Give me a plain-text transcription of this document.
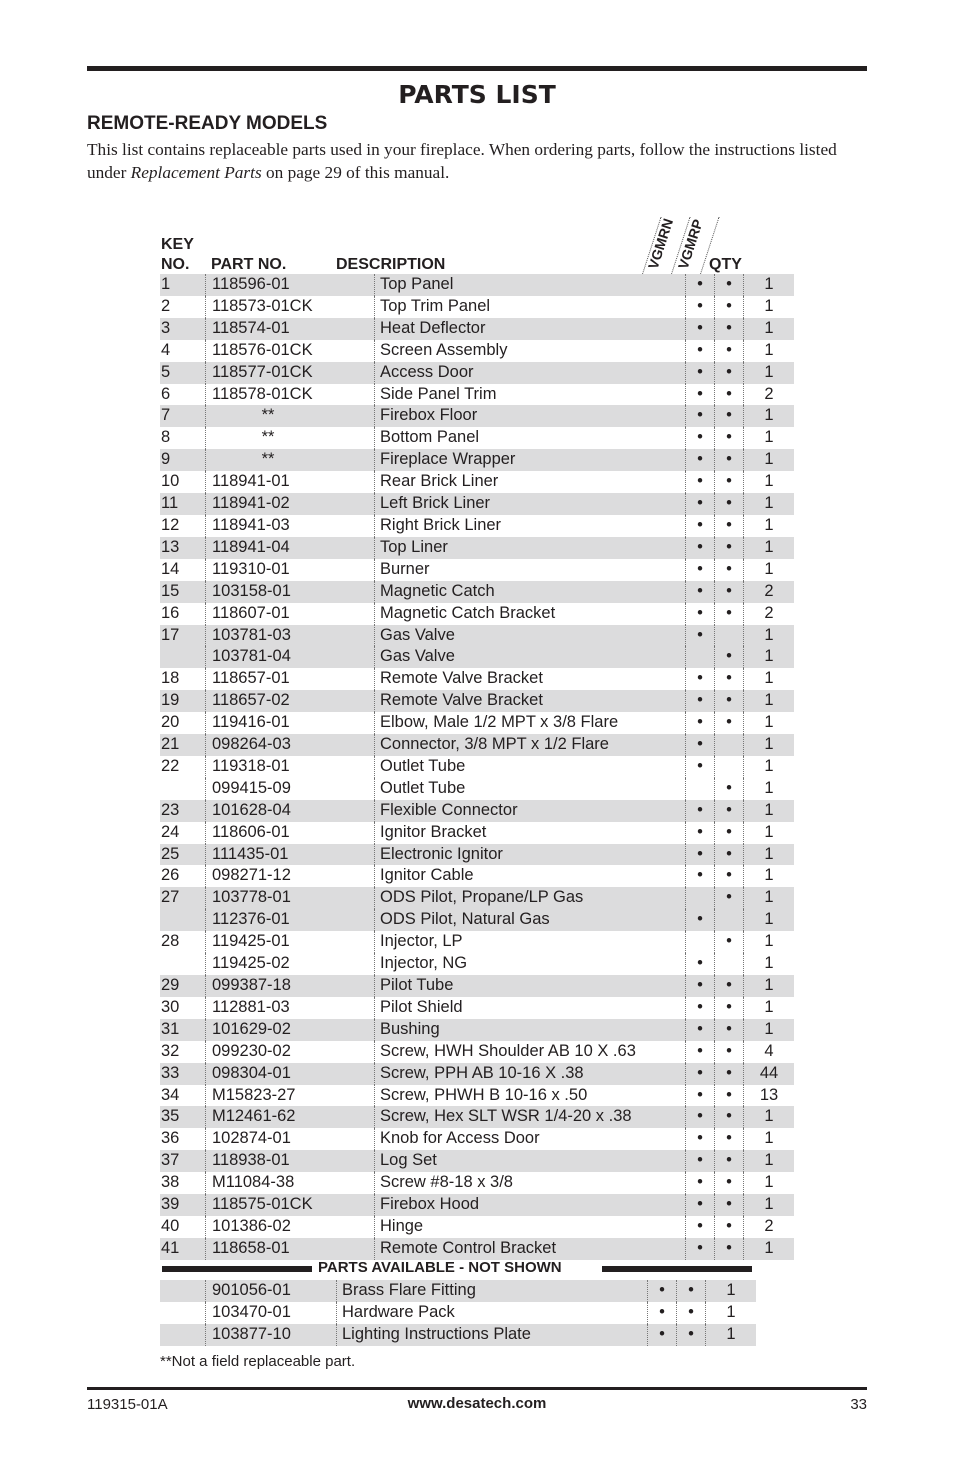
PARTS LIST
REMOTE-READY MODELS

This list contains replaceable parts used in your fireplace. When ordering parts, follow the instructions listed under Replacement Parts on page 29 of this manual.

KEY
NO. PART NO.	DESCRIPTION	VGMRN
VGMRP QTY
1	118596-01	Top Panel	•	•	1
2	118573-01CK	Top Trim Panel	•	•	1
3	118574-01	Heat Deflector	•	•	1
4	118576-01CK	Screen Assembly	•	•	1
5	118577-01CK	Access Door	•	•	1
6	118578-01CK	Side Panel Trim	•	•	2
7	**	Firebox Floor	•	•	1
8	**	Bottom Panel	•	•	1
9	**	Fireplace Wrapper	•	•	1
10	118941-01	Rear Brick Liner	•	•	1
11	118941-02	Left Brick Liner	•	•	1
12	118941-03	Right Brick Liner	•	•	1
13	118941-04	Top Liner	•	•	1
14	119310-01	Burner	•	•	1
15	103158-01	Magnetic Catch	•	•	2
16	118607-01	Magnetic Catch Bracket	•	•	2
17	103781-03	Gas Valve	•		1
	103781-04	Gas Valve		•	1
18	118657-01	Remote Valve Bracket	•	•	1
19	118657-02	Remote Valve Bracket	•	•	1
20	119416-01	Elbow, Male 1/2 MPT x 3/8 Flare	•	•	1
21	098264-03	Connector, 3/8 MPT x 1/2 Flare	•		1
22	119318-01	Outlet Tube	•		1
	099415-09	Outlet Tube		•	1
23	101628-04	Flexible Connector	•	•	1
24	118606-01	Ignitor Bracket	•	•	1
25	111435-01	Electronic Ignitor	•	•	1
26	098271-12	Ignitor Cable	•	•	1
27	103778-01	ODS Pilot, Propane/LP Gas		•	1
	112376-01	ODS Pilot, Natural Gas	•		1
28	119425-01	Injector, LP		•	1
	119425-02	Injector, NG	•		1
29	099387-18	Pilot Tube	•	•	1
30	112881-03	Pilot Shield	•	•	1
31	101629-02	Bushing	•	•	1
32	099230-02	Screw, HWH Shoulder AB 10 X .63	•	•	4
33	098304-01	Screw, PPH AB 10-16 X .38	•	•	44
34	M15823-27	Screw, PHWH B 10-16 x .50	•	•	13
35	M12461-62	Screw, Hex SLT WSR 1/4-20 x .38	•	•	1
36	102874-01	Knob for Access Door	•	•	1
37	118938-01	Log Set	•	•	1
38	M11084-38	Screw #8-18 x 3/8	•	•	1
39	118575-01CK	Firebox Hood	•	•	1
40	101386-02	Hinge	•	•	2
41	118658-01	Remote Control Bracket	•	•	1
PARTS AVAILABLE - NOT SHOWN
	901056-01	Brass Flare Fitting	•	•	1
	103470-01	Hardware Pack	•	•	1
	103877-10	Lighting Instructions Plate	•	•	1
**Not a field replaceable part.
119315-01A	www.desatech.com	33
